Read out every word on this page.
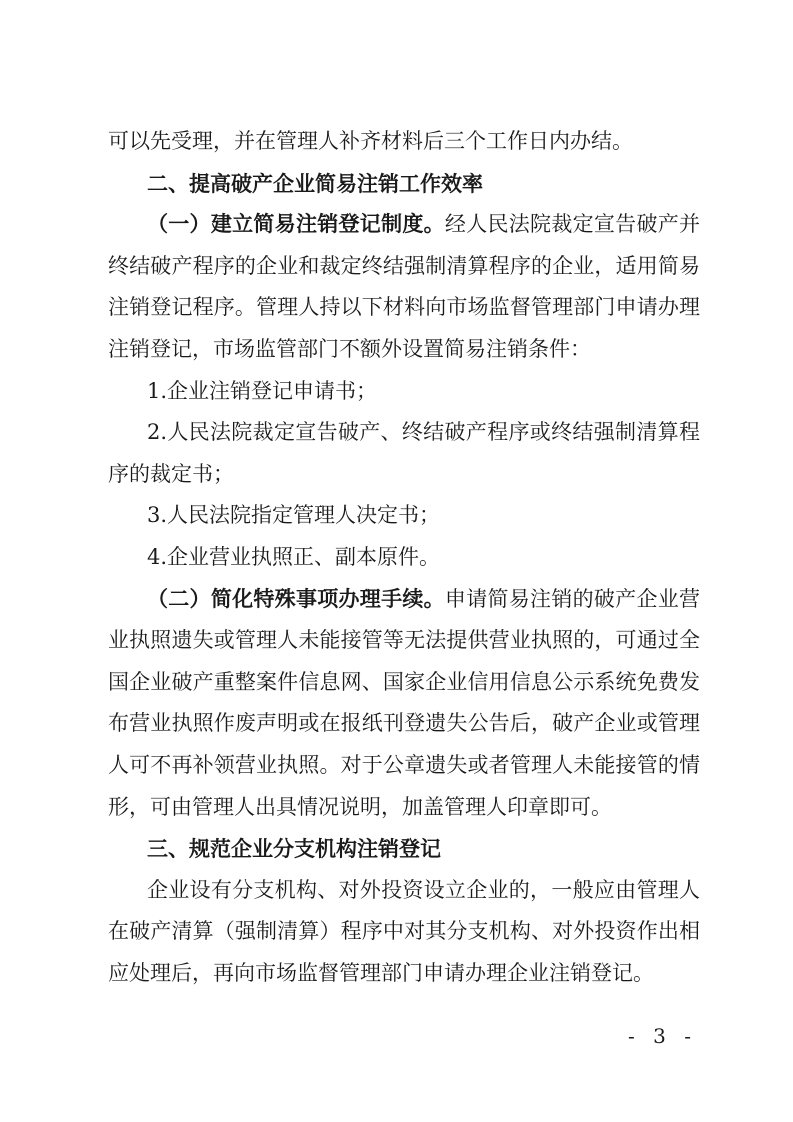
可以先受理，并在管理人补齐材料后三个工作日内办结。
二、提高破产企业简易注销工作效率
（一）建立简易注销登记制度。经人民法院裁定宣告破产并
终结破产程序的企业和裁定终结强制清算程序的企业，适用简易
注销登记程序。管理人持以下材料向市场监督管理部门申请办理
注销登记，市场监管部门不额外设置简易注销条件：
1.企业注销登记申请书；
2.人民法院裁定宣告破产、终结破产程序或终结强制清算程
序的裁定书；
3.人民法院指定管理人决定书；
4.企业营业执照正、副本原件。
（二）简化特殊事项办理手续。申请简易注销的破产企业营
业执照遗失或管理人未能接管等无法提供营业执照的，可通过全
国企业破产重整案件信息网、国家企业信用信息公示系统免费发
布营业执照作废声明或在报纸刊登遗失公告后，破产企业或管理
人可不再补领营业执照。对于公章遗失或者管理人未能接管的情
形，可由管理人出具情况说明，加盖管理人印章即可。
三、规范企业分支机构注销登记
企业设有分支机构、对外投资设立企业的，一般应由管理人
在破产清算（强制清算）程序中对其分支机构、对外投资作出相
应处理后，再向市场监督管理部门申请办理企业注销登记。
- 3 -
